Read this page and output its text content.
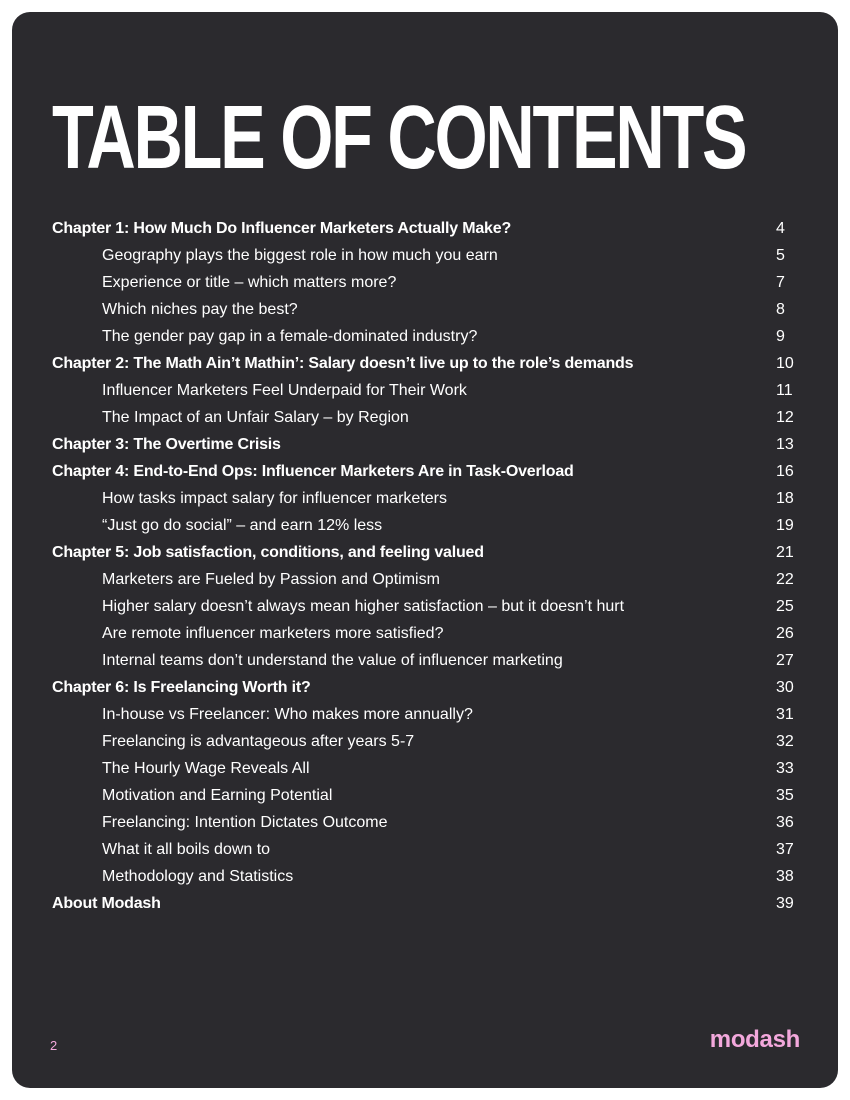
TABLE OF CONTENTS
Chapter 1: How Much Do Influencer Marketers Actually Make?	4
Geography plays the biggest role in how much you earn	5
Experience or title – which matters more?	7
Which niches pay the best?	8
The gender pay gap in a female-dominated industry?	9
Chapter 2: The Math Ain’t Mathin’: Salary doesn’t live up to the role’s demands	10
Influencer Marketers Feel Underpaid for Their Work	11
The Impact of an Unfair Salary – by Region	12
Chapter 3: The Overtime Crisis	13
Chapter 4: End-to-End Ops: Influencer Marketers Are in Task-Overload	16
How tasks impact salary for influencer marketers	18
“Just go do social” – and earn 12% less	19
Chapter 5: Job satisfaction, conditions, and feeling valued	21
Marketers are Fueled by Passion and Optimism	22
Higher salary doesn’t always mean higher satisfaction – but it doesn’t hurt	25
Are remote influencer marketers more satisfied?	26
Internal teams don’t understand the value of influencer marketing	27
Chapter 6: Is Freelancing Worth it?	30
In-house vs Freelancer: Who makes more annually?	31
Freelancing is advantageous after years 5-7	32
The Hourly Wage Reveals All	33
Motivation and Earning Potential	35
Freelancing: Intention Dictates Outcome	36
What it all boils down to	37
Methodology and Statistics	38
About Modash	39
2	modash
